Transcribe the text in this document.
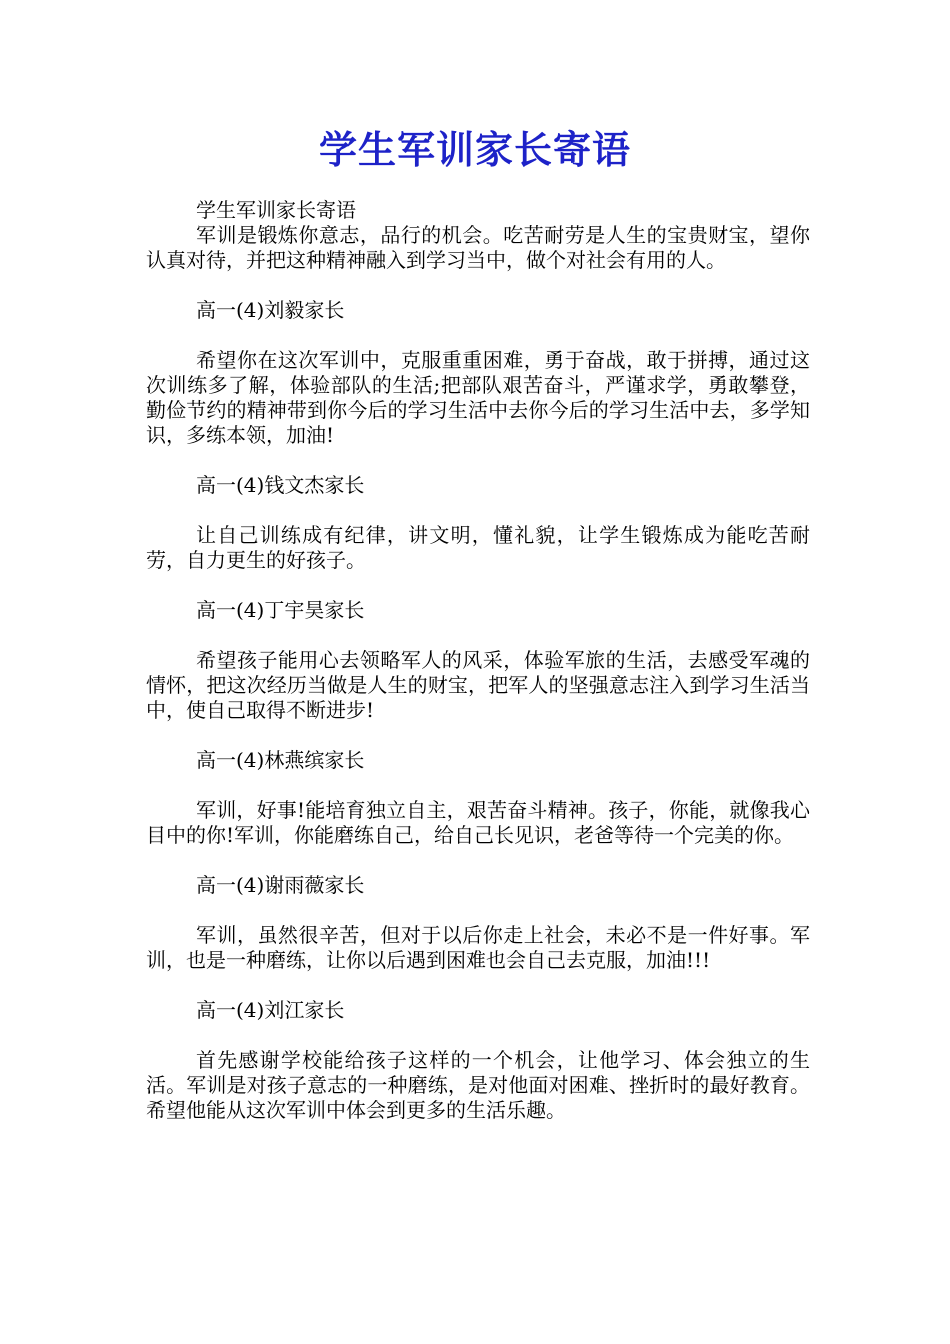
学生军训家长寄语

学生军训家长寄语

军训是锻炼你意志，品行的机会。吃苦耐劳是人生的宝贵财宝，望你认真对待，并把这种精神融入到学习当中，做个对社会有用的人。

高一(4)刘毅家长

希望你在这次军训中，克服重重困难，勇于奋战，敢于拼搏，通过这次训练多了解，体验部队的生活;把部队艰苦奋斗，严谨求学，勇敢攀登，勤俭节约的精神带到你今后的学习生活中去你今后的学习生活中去，多学知识，多练本领，加油!

高一(4)钱文杰家长

让自己训练成有纪律，讲文明，懂礼貌，让学生锻炼成为能吃苦耐劳，自力更生的好孩子。

高一(4)丁宇昊家长

希望孩子能用心去领略军人的风采，体验军旅的生活，去感受军魂的情怀，把这次经历当做是人生的财宝，把军人的坚强意志注入到学习生活当中，使自己取得不断进步!

高一(4)林燕缤家长

军训，好事!能培育独立自主，艰苦奋斗精神。孩子，你能，就像我心目中的你!军训，你能磨练自己，给自己长见识，老爸等待一个完美的你。

高一(4)谢雨薇家长

军训，虽然很辛苦，但对于以后你走上社会，未必不是一件好事。军训，也是一种磨练，让你以后遇到困难也会自己去克服，加油!!!

高一(4)刘江家长

首先感谢学校能给孩子这样的一个机会，让他学习、体会独立的生活。军训是对孩子意志的一种磨练，是对他面对困难、挫折时的最好教育。希望他能从这次军训中体会到更多的生活乐趣。
